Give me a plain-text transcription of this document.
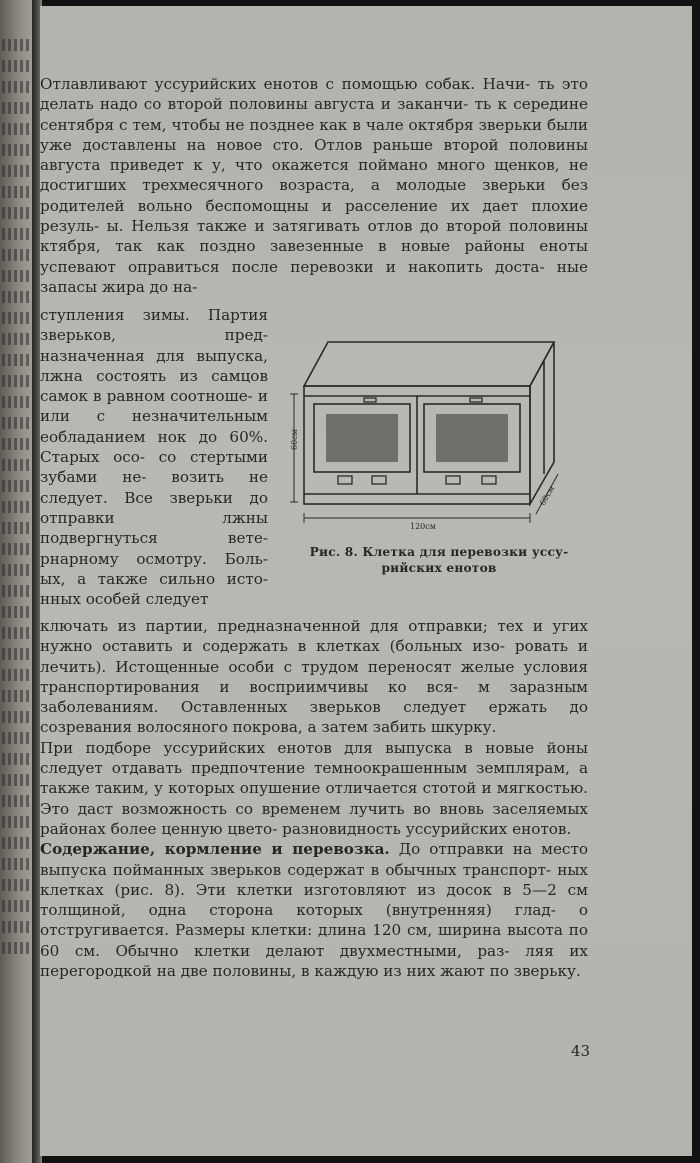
Отлавливают уссурийских енотов с помощью собак. Начи- ть это делать надо со второй половины августа и заканчи- ть к середине сентября с тем, чтобы не позднее как в чале октября зверьки были уже доставлены на новое сто. Отлов раньше второй половины августа приведет к у, что окажется поймано много щенков, не достигших трехмесячного возраста, а молодые зверьки без родителей вольно беспомощны и расселение их дает плохие резуль- ы. Нельзя также и затягивать отлов до второй половины ктября, так как поздно завезенные в новые районы еноты успевают оправиться после перевозки и накопить доста- ные запасы жира до на-

ступления зимы. Партия зверьков, пред- назначенная для выпуска, лжна состоять из самцов самок в равном соотноше- и или с незначительным еобладанием нок до 60%. Старых осо- со стертыми зубами не- возить не следует. Все зверьки до отправки лжны подвергнуться вете- рнарному осмотру. Боль- ых, а также сильно исто- нных особей следует

60см
120см
60см
Рис. 8. Клетка для перевозки уссу- рийских енотов

ключать из партии, предназначенной для отправки; тех и угих нужно оставить и содержать в клетках (больных изо- ровать и лечить). Истощенные особи с трудом переносят желые условия транспортирования и восприимчивы ко вся- м заразным заболеваниям. Оставленных зверьков следует ержать до созревания волосяного покрова, а затем забить шкурку.

При подборе уссурийских енотов для выпуска в новые йоны следует отдавать предпочтение темноокрашенным земплярам, а также таким, у которых опушение отличается стотой и мягкостью. Это даст возможность со временем лучить во вновь заселяемых районах более ценную цвето- разновидность уссурийских енотов.

Содержание, кормление и перевозка. До отправки на место выпуска пойманных зверьков содержат в обычных транспорт- ных клетках (рис. 8). Эти клетки изготовляют из досок в 5—2 см толщиной, одна сторона которых (внутренняя) глад- о отстругивается. Размеры клетки: длина 120 см, ширина высота по 60 см. Обычно клетки делают двухместными, раз- ляя их перегородкой на две половины, в каждую из них жают по зверьку.

43
